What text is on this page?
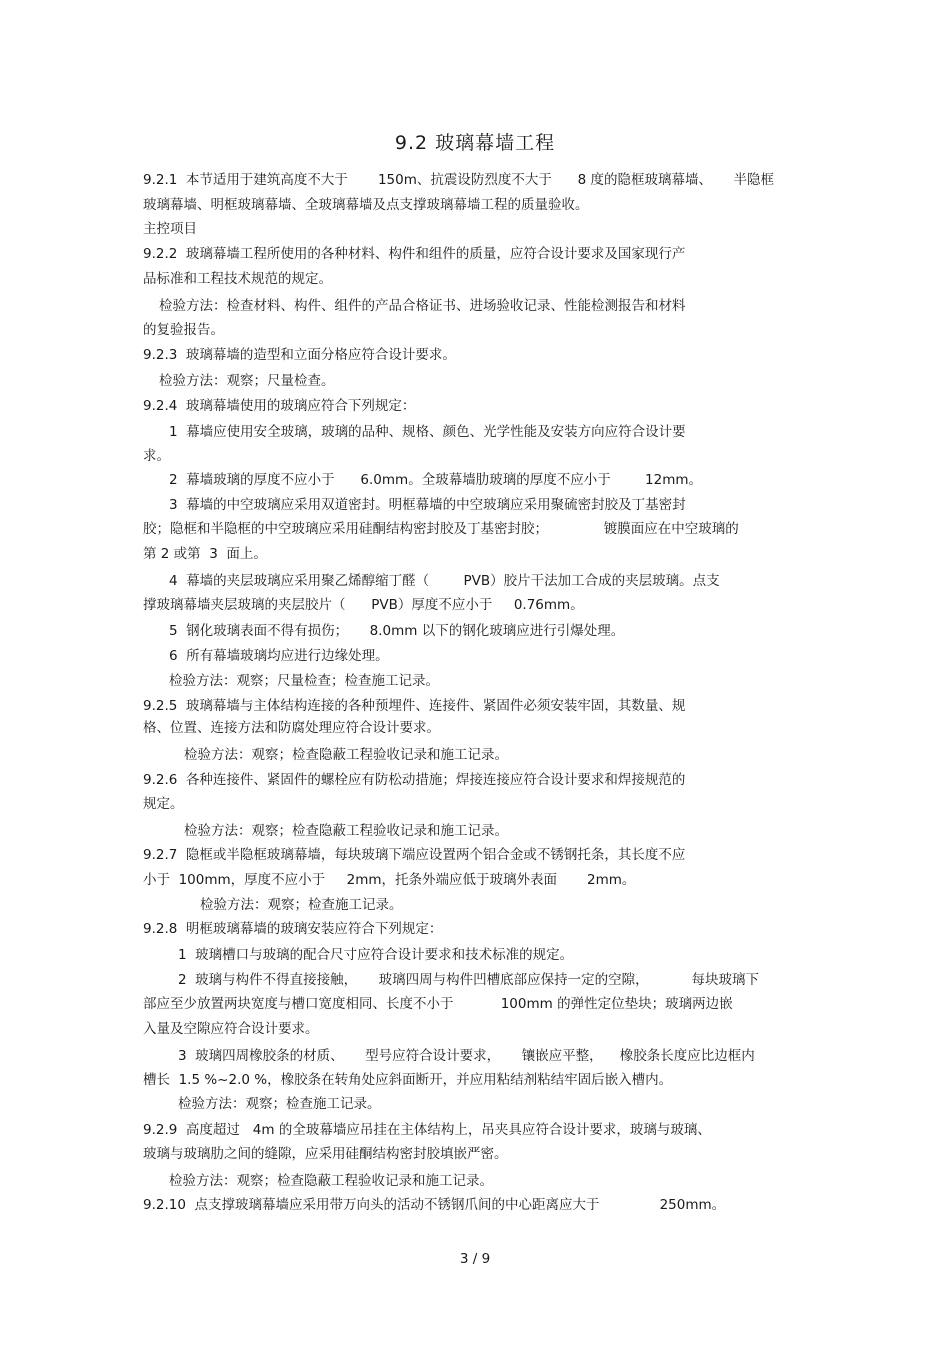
9.2 玻璃幕墙工程
9.2.1  本节适用于建筑高度不大于       150m、抗震设防烈度不大于      8 度的隐框玻璃幕墙、     半隐框
玻璃幕墙、明框玻璃幕墙、全玻璃幕墙及点支撑玻璃幕墙工程的质量验收。
主控项目
9.2.2  玻璃幕墙工程所使用的各种材料、构件和组件的质量，应符合设计要求及国家现行产
品标准和工程技术规范的规定。
检验方法：检查材料、构件、组件的产品合格证书、进场验收记录、性能检测报告和材料
的复验报告。
9.2.3  玻璃幕墙的造型和立面分格应符合设计要求。
检验方法：观察；尺量检查。
9.2.4  玻璃幕墙使用的玻璃应符合下列规定：
1  幕墙应使用安全玻璃，玻璃的品种、规格、颜色、光学性能及安装方向应符合设计要
求。
2  幕墙玻璃的厚度不应小于      6.0mm。全玻幕墙肋玻璃的厚度不应小于        12mm。
3  幕墙的中空玻璃应采用双道密封。明框幕墙的中空玻璃应采用聚硫密封胶及丁基密封
胶；隐框和半隐框的中空玻璃应采用硅酮结构密封胶及丁基密封胶；             镀膜面应在中空玻璃的
第 2 或第  3  面上。
4  幕墙的夹层玻璃应采用聚乙烯醇缩丁醛（        PVB）胶片干法加工合成的夹层玻璃。点支
撑玻璃幕墙夹层玻璃的夹层胶片（      PVB）厚度不应小于     0.76mm。
5  钢化玻璃表面不得有损伤；     8.0mm 以下的钢化玻璃应进行引爆处理。
6  所有幕墙玻璃均应进行边缘处理。
检验方法：观察；尺量检查；检查施工记录。
9.2.5  玻璃幕墙与主体结构连接的各种预埋件、连接件、紧固件必须安装牢固，其数量、规
格、位置、连接方法和防腐处理应符合设计要求。
检验方法：观察；检查隐蔽工程验收记录和施工记录。
9.2.6  各种连接件、紧固件的螺栓应有防松动措施；焊接连接应符合设计要求和焊接规范的
规定。
检验方法：观察；检查隐蔽工程验收记录和施工记录。
9.2.7  隐框或半隐框玻璃幕墙，每块玻璃下端应设置两个铝合金或不锈钢托条，其长度不应
小于  100mm，厚度不应小于     2mm，托条外端应低于玻璃外表面       2mm。
检验方法：观察；检查施工记录。
9.2.8  明框玻璃幕墙的玻璃安装应符合下列规定：
1  玻璃槽口与玻璃的配合尺寸应符合设计要求和技术标准的规定。
2  玻璃与构件不得直接接触，     玻璃四周与构件凹槽底部应保持一定的空隙，          每块玻璃下
部应至少放置两块宽度与槽口宽度相同、长度不小于           100mm 的弹性定位垫块；玻璃两边嵌
入量及空隙应符合设计要求。
3  玻璃四周橡胶条的材质、     型号应符合设计要求，     镶嵌应平整，    橡胶条长度应比边框内
槽长  1.5 %~2.0 %，橡胶条在转角处应斜面断开，并应用粘结剂粘结牢固后嵌入槽内。
检验方法：观察；检查施工记录。
9.2.9  高度超过   4m 的全玻幕墙应吊挂在主体结构上，吊夹具应符合设计要求，玻璃与玻璃、
玻璃与玻璃肋之间的缝隙，应采用硅酮结构密封胶填嵌严密。
检验方法：观察；检查隐蔽工程验收记录和施工记录。
9.2.10  点支撑玻璃幕墙应采用带万向头的活动不锈钢爪间的中心距离应大于              250mm。
3 / 9
